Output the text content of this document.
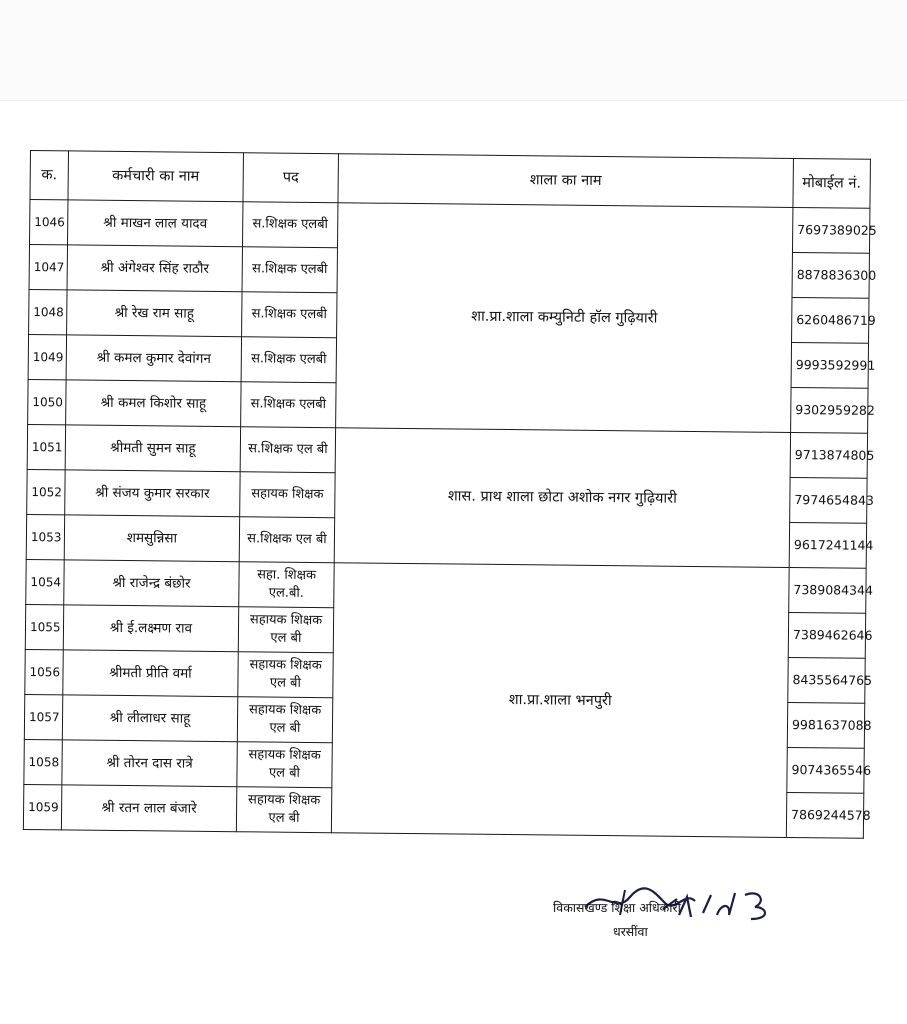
क.	कर्मचारी का नाम	पद	शाला का नाम	मोबाईल नं.
1046	श्री माखन लाल यादव	स.शिक्षक एलबी	शा.प्रा.शाला कम्युनिटी हॉल गुढ़ियारी	7697389025
1047	श्री अंगेश्वर सिंह राठौर	स.शिक्षक एलबी		8878836300
1048	श्री रेख राम साहू	स.शिक्षक एलबी		6260486719
1049	श्री कमल कुमार देवांगन	स.शिक्षक एलबी		9993592991
1050	श्री कमल किशोर साहू	स.शिक्षक एलबी		9302959282
1051	श्रीमती सुमन साहू	स.शिक्षक एल बी	शास. प्राथ शाला छोटा अशोक नगर गुढ़ियारी	9713874805
1052	श्री संजय कुमार सरकार	सहायक शिक्षक		7974654843
1053	शमसुन्निसा	स.शिक्षक एल बी		9617241144
1054	श्री राजेन्द्र बंछोर	सहा. शिक्षक एल.बी.	शा.प्रा.शाला भनपुरी	7389084344
1055	श्री ई.लक्ष्मण राव	सहायक शिक्षक एल बी		7389462646
1056	श्रीमती प्रीति वर्मा	सहायक शिक्षक एल बी		8435564765
1057	श्री लीलाधर साहू	सहायक शिक्षक एल बी		9981637088
1058	श्री तोरन दास रात्रे	सहायक शिक्षक एल बी		9074365546
1059	श्री रतन लाल बंजारे	सहायक शिक्षक एल बी		7869244578
विकासखण्ड शिक्षा अधिकारी
धरसींवा
